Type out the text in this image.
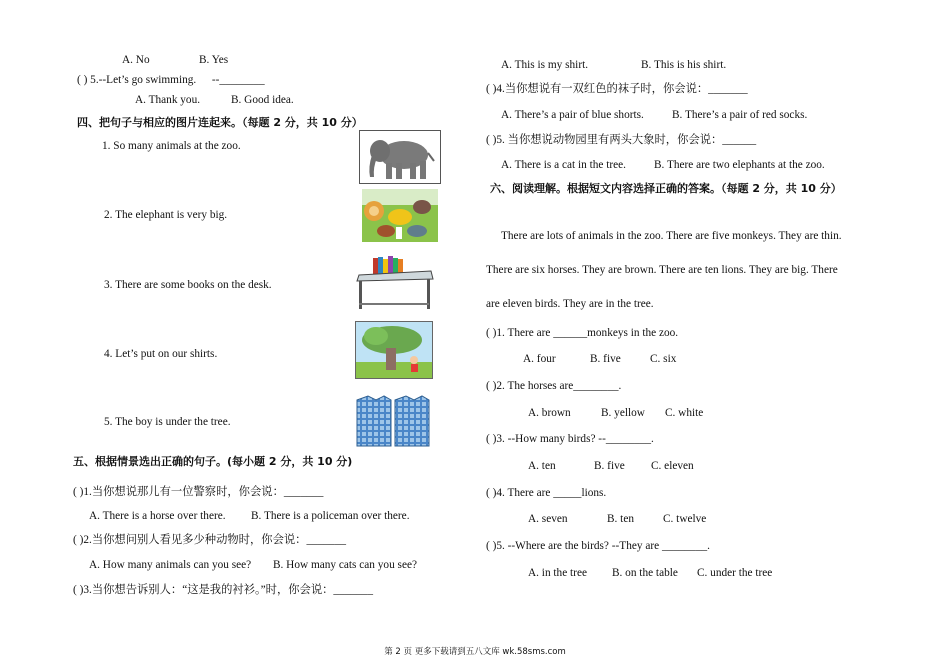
A. No	B. Yes
( ) 5.--Let’s go swimming. --________
A. Thank you.	B. Good idea.
四、把句子与相应的图片连起来。（每题 2 分，共 10 分）
1. So many animals at the zoo.
2. The elephant is very big.
3. There are some books on the desk.
4. Let’s put on our shirts.
5. The boy is under the tree.
五、根据情景选出正确的句子。(每小题 2 分，共 10 分)
( )1.当你想说那儿有一位警察时，你会说：_______
A. There is a horse over there. B. There is a policeman over there.
( )2.当你想问别人看见多少种动物时，你会说：_______
A. How many animals can you see? B. How many cats can you see?
( )3.当你想告诉别人：“这是我的衬衫。”时，你会说：_______
A. This is my shirt.	B. This is his shirt.
( )4.当你想说有一双红色的袜子时，你会说：_______
A. There’s a pair of blue shorts. B. There’s a pair of red socks.
( )5. 当你想说动物园里有两头大象时，你会说：______
A. There is a cat in the tree. B. There are two elephants at the zoo.
六、阅读理解。根据短文内容选择正确的答案。（每题 2 分，共 10 分）
There are lots of animals in the zoo. There are five monkeys. They are thin.
There are six horses. They are brown. There are ten lions. They are big. There
are eleven birds. They are in the tree.
( )1. There are ______monkeys in the zoo.
A. four	B. five	C. six
( )2. The horses are________.
A. brown	B. yellow C. white
( )3. --How many birds? --________.
A. ten	B. five C. eleven
( )4. There are _____lions.
A. seven	B. ten	C. twelve
( )5. --Where are the birds? --They are ________.
A. in the tree B. on the table C. under the tree
第 2 页 更多下载请到五八文库 wk.58sms.com
